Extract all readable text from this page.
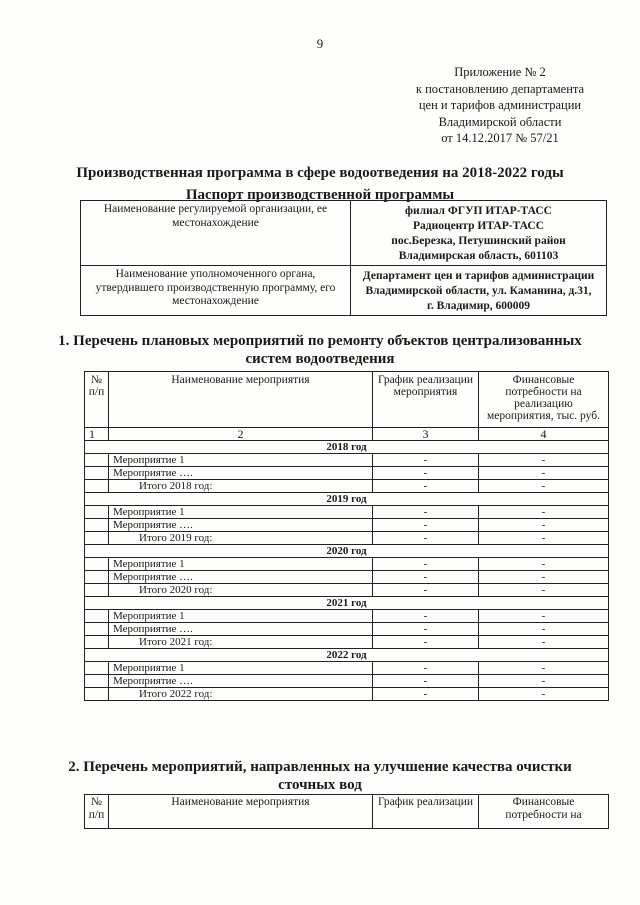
9
Приложение № 2
к постановлению департамента
цен и тарифов администрации
Владимирской области
от 14.12.2017 № 57/21
Производственная программа в сфере водоотведения на 2018-2022 годы
Паспорт производственной программы
Наименование регулируемой организации, ее местонахождение	филиал ФГУП ИТАР-ТАСС
Радиоцентр ИТАР-ТАСС
пос.Березка, Петушинский район
Владимирская область, 601103

Наименование уполномоченного органа, утвердившего производственную программу, его местонахождение	Департамент цен и тарифов администрации
Владимирской области, ул. Каманина, д.31,
г. Владимир, 600009
1. Перечень плановых мероприятий по ремонту объектов централизованных
систем водоотведения
№ п/п	Наименование мероприятия	График реализации мероприятия	Финансовые потребности на реализацию мероприятия, тыс. руб.
1	2	3	4
2018 год			
	Мероприятие 1	-	-
	Мероприятие ….	-	-
	Итого 2018 год:	-	-
2019 год			
	Мероприятие 1	-	-
	Мероприятие ….	-	-
	Итого 2019 год:	-	-
2020 год			
	Мероприятие 1	-	-
	Мероприятие ….	-	-
	Итого 2020 год:	-	-
2021 год			
	Мероприятие 1	-	-
	Мероприятие ….	-	-
	Итого 2021 год:	-	-
2022 год			
	Мероприятие 1	-	-
	Мероприятие ….	-	-
	Итого 2022 год:	-	-
2. Перечень мероприятий, направленных на улучшение качества очистки
сточных вод
№ п/п	Наименование мероприятия	График реализации	Финансовые потребности на
